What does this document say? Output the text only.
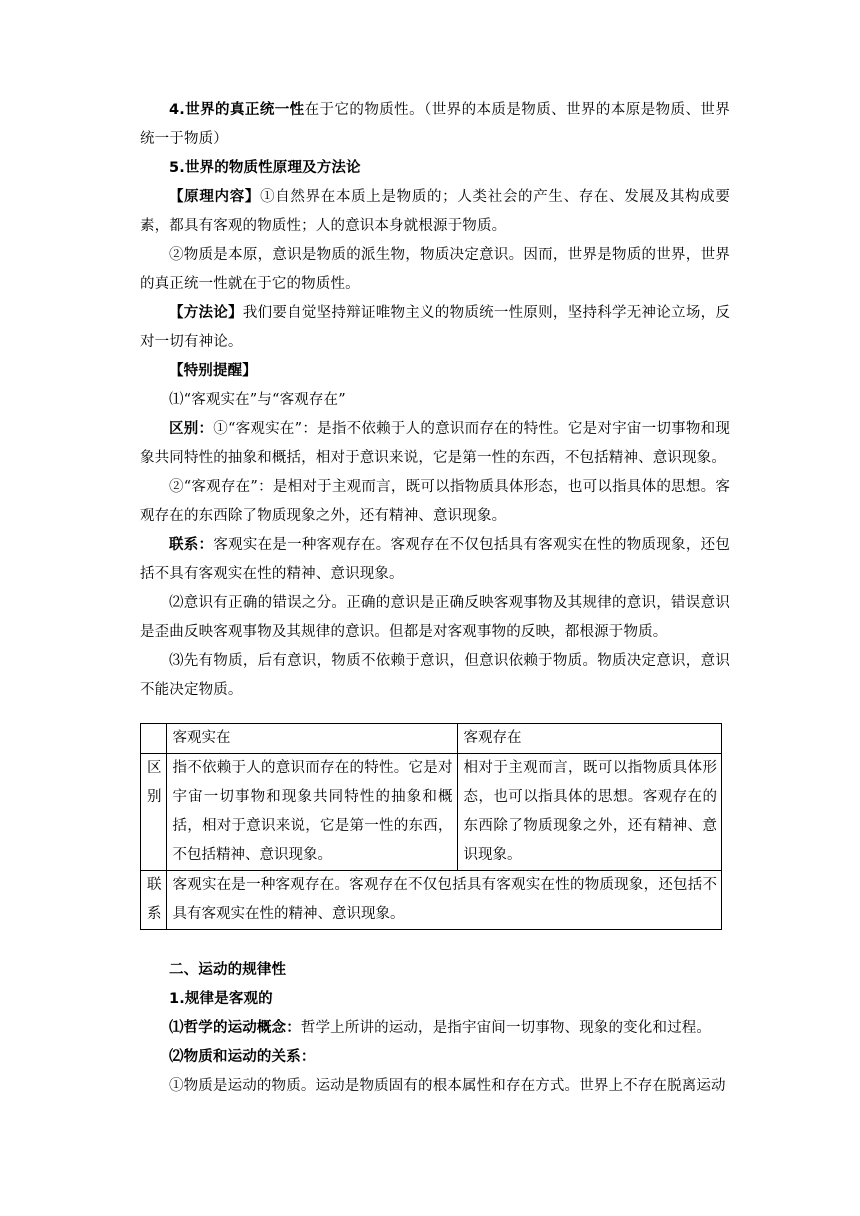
4.世界的真正统一性在于它的物质性。（世界的本质是物质、世界的本原是物质、世界统一于物质）

5.世界的物质性原理及方法论

【原理内容】①自然界在本质上是物质的；人类社会的产生、存在、发展及其构成要素，都具有客观的物质性；人的意识本身就根源于物质。

②物质是本原，意识是物质的派生物，物质决定意识。因而，世界是物质的世界，世界的真正统一性就在于它的物质性。

【方法论】我们要自觉坚持辩证唯物主义的物质统一性原则，坚持科学无神论立场，反对一切有神论。

【特别提醒】

⑴“客观实在”与“客观存在”

区别：①“客观实在”：是指不依赖于人的意识而存在的特性。它是对宇宙一切事物和现象共同特性的抽象和概括，相对于意识来说，它是第一性的东西，不包括精神、意识现象。

②“客观存在”：是相对于主观而言，既可以指物质具体形态，也可以指具体的思想。客观存在的东西除了物质现象之外，还有精神、意识现象。

联系：客观实在是一种客观存在。客观存在不仅包括具有客观实在性的物质现象，还包括不具有客观实在性的精神、意识现象。

⑵意识有正确的错误之分。正确的意识是正确反映客观事物及其规律的意识，错误意识是歪曲反映客观事物及其规律的意识。但都是对客观事物的反映，都根源于物质。

⑶先有物质，后有意识，物质不依赖于意识，但意识依赖于物质。物质决定意识，意识不能决定物质。

	客观实在	客观存在
区
别	指不依赖于人的意识而存在的特性。它是对宇宙一切事物和现象共同特性的抽象和概括，相对于意识来说，它是第一性的东西，不包括精神、意识现象。	相对于主观而言，既可以指物质具体形态，也可以指具体的思想。客观存在的东西除了物质现象之外，还有精神、意识现象。
联
系	客观实在是一种客观存在。客观存在不仅包括具有客观实在性的物质现象，还包括不具有客观实在性的精神、意识现象。	

二、运动的规律性

1.规律是客观的

⑴哲学的运动概念：哲学上所讲的运动，是指宇宙间一切事物、现象的变化和过程。

⑵物质和运动的关系：

①物质是运动的物质。运动是物质固有的根本属性和存在方式。世界上不存在脱离运动
